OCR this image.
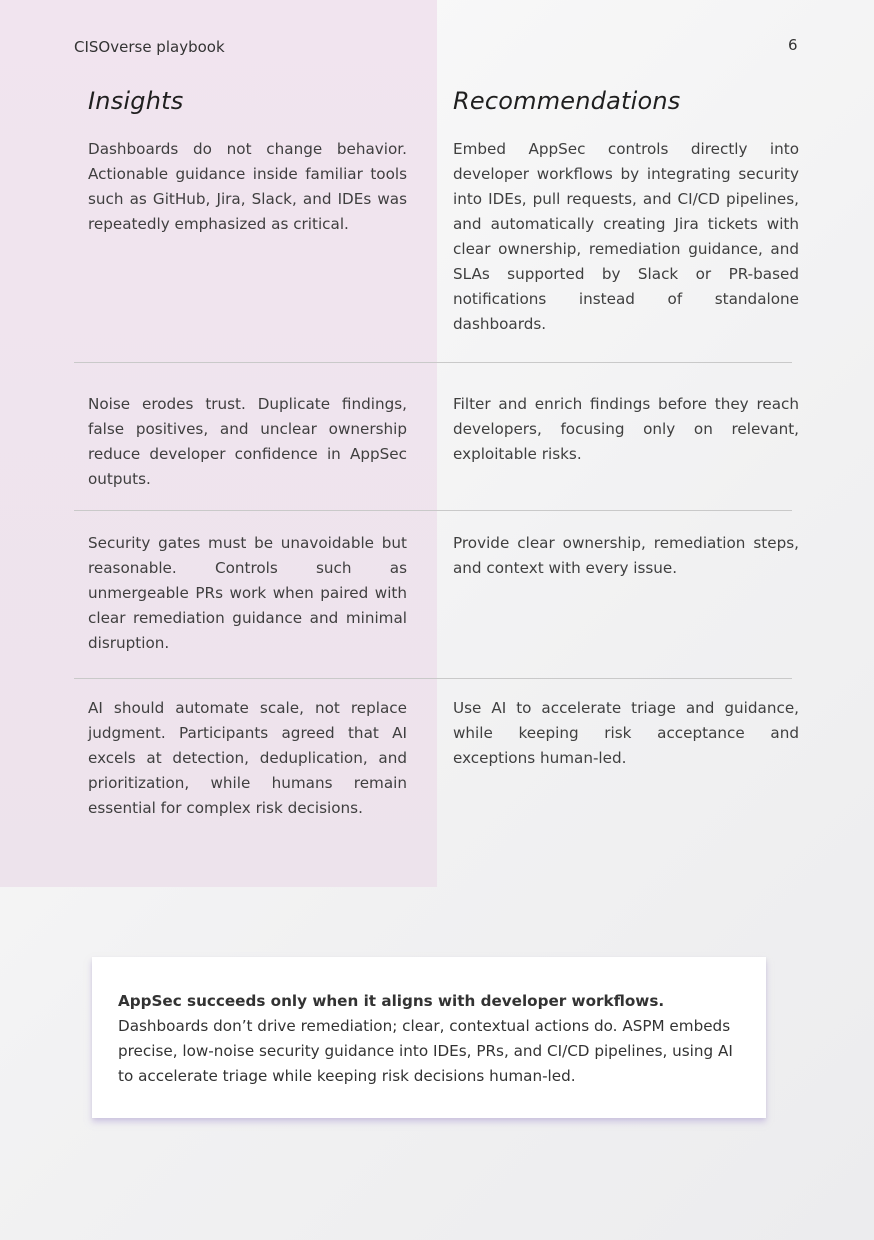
CISOverse playbook	6
Insights	Recommendations

Dashboards do not change behavior. Actionable guidance inside familiar tools such as GitHub, Jira, Slack, and IDEs was repeatedly emphasized as critical.

Embed AppSec controls directly into developer workflows by integrating security into IDEs, pull requests, and CI/CD pipelines, and automatically creating Jira tickets with clear ownership, remediation guidance, and SLAs supported by Slack or PR-based notifications instead of standalone dashboards.

Noise erodes trust. Duplicate findings, false positives, and unclear ownership reduce developer confidence in AppSec outputs.

Filter and enrich findings before they reach developers, focusing only on relevant, exploitable risks.

Security gates must be unavoidable but reasonable. Controls such as unmergeable PRs work when paired with clear remediation guidance and minimal disruption.

Provide clear ownership, remediation steps, and context with every issue.

AI should automate scale, not replace judgment. Participants agreed that AI excels at detection, deduplication, and prioritization, while humans remain essential for complex risk decisions.

Use AI to accelerate triage and guidance, while keeping risk acceptance and exceptions human-led.

AppSec succeeds only when it aligns with developer workflows.

Dashboards don’t drive remediation; clear, contextual actions do. ASPM embeds precise, low-noise security guidance into IDEs, PRs, and CI/CD pipelines, using AI to accelerate triage while keeping risk decisions human-led.
